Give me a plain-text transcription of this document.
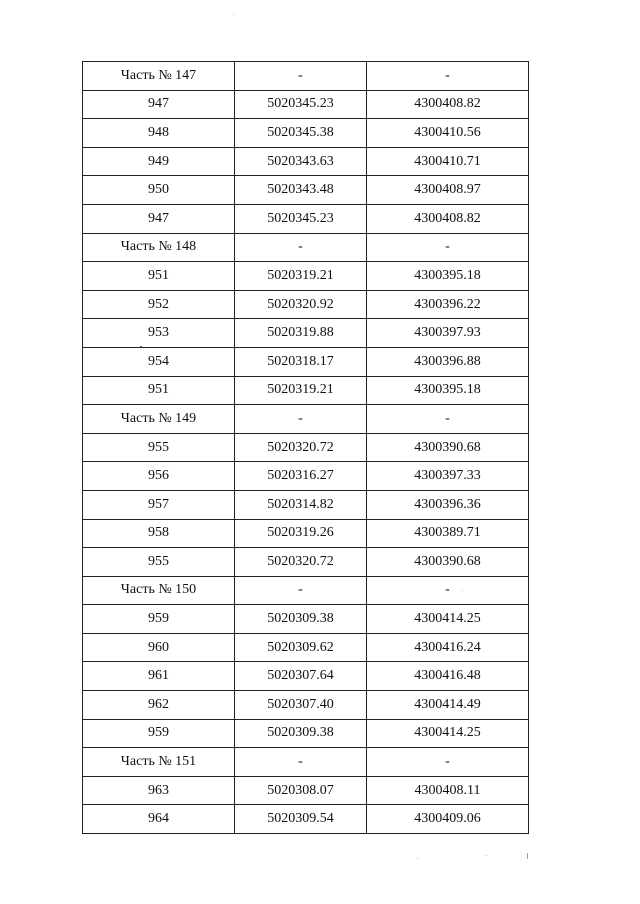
Часть № 147	-	-
947	5020345.23	4300408.82
948	5020345.38	4300410.56
949	5020343.63	4300410.71
950	5020343.48	4300408.97
947	5020345.23	4300408.82
Часть № 148	-	-
951	5020319.21	4300395.18
952	5020320.92	4300396.22
953	5020319.88	4300397.93
954	5020318.17	4300396.88
951	5020319.21	4300395.18
Часть № 149	-	-
955	5020320.72	4300390.68
956	5020316.27	4300397.33
957	5020314.82	4300396.36
958	5020319.26	4300389.71
955	5020320.72	4300390.68
Часть № 150	-	-
959	5020309.38	4300414.25
960	5020309.62	4300416.24
961	5020307.64	4300416.48
962	5020307.40	4300414.49
959	5020309.38	4300414.25
Часть № 151	-	-
963	5020308.07	4300408.11
964	5020309.54	4300409.06
